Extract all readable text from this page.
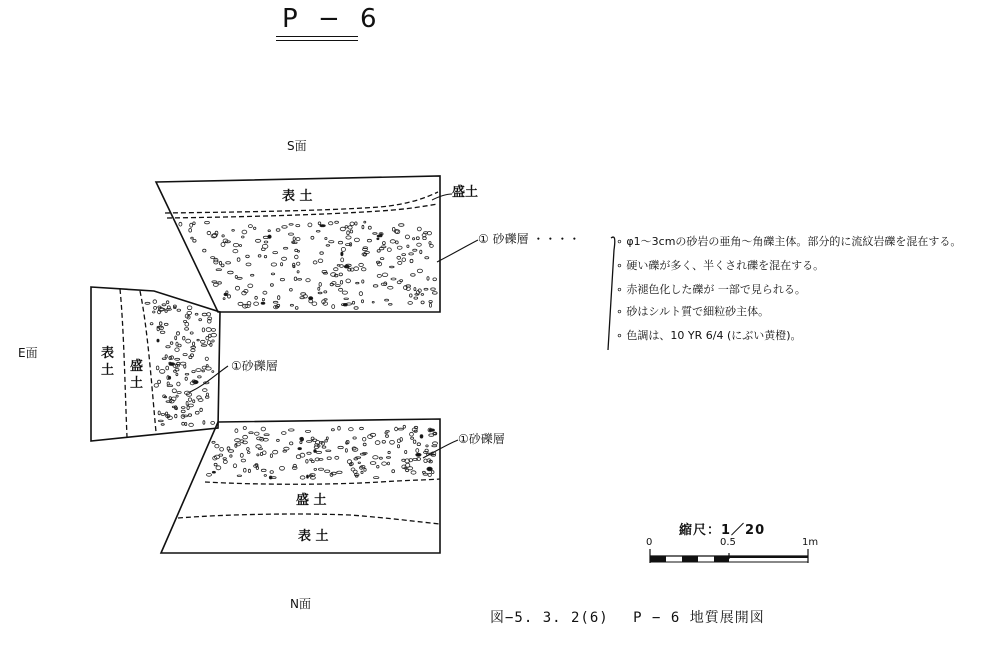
P − 6
S面
E面
N面
表 土	盛土
表土 盛土
盛 土
表 土
① 砂礫層 ・・・・
①砂礫層
①砂礫層
∘ φ1～3cmの砂岩の亜角～角礫主体。部分的に流紋岩礫を混在する。
∘ 硬い礫が多く、半くされ礫を混在する。
∘ 赤褪色化した礫が 一部で見られる。
∘ 砂はシルト質で細粒砂主体。
∘ 色調は、10 YR 6/4 (にぶい黄橙)。
縮尺：1／20
0	0.5	1m
図−5. 3. 2(6)　 P − 6 地質展開図
